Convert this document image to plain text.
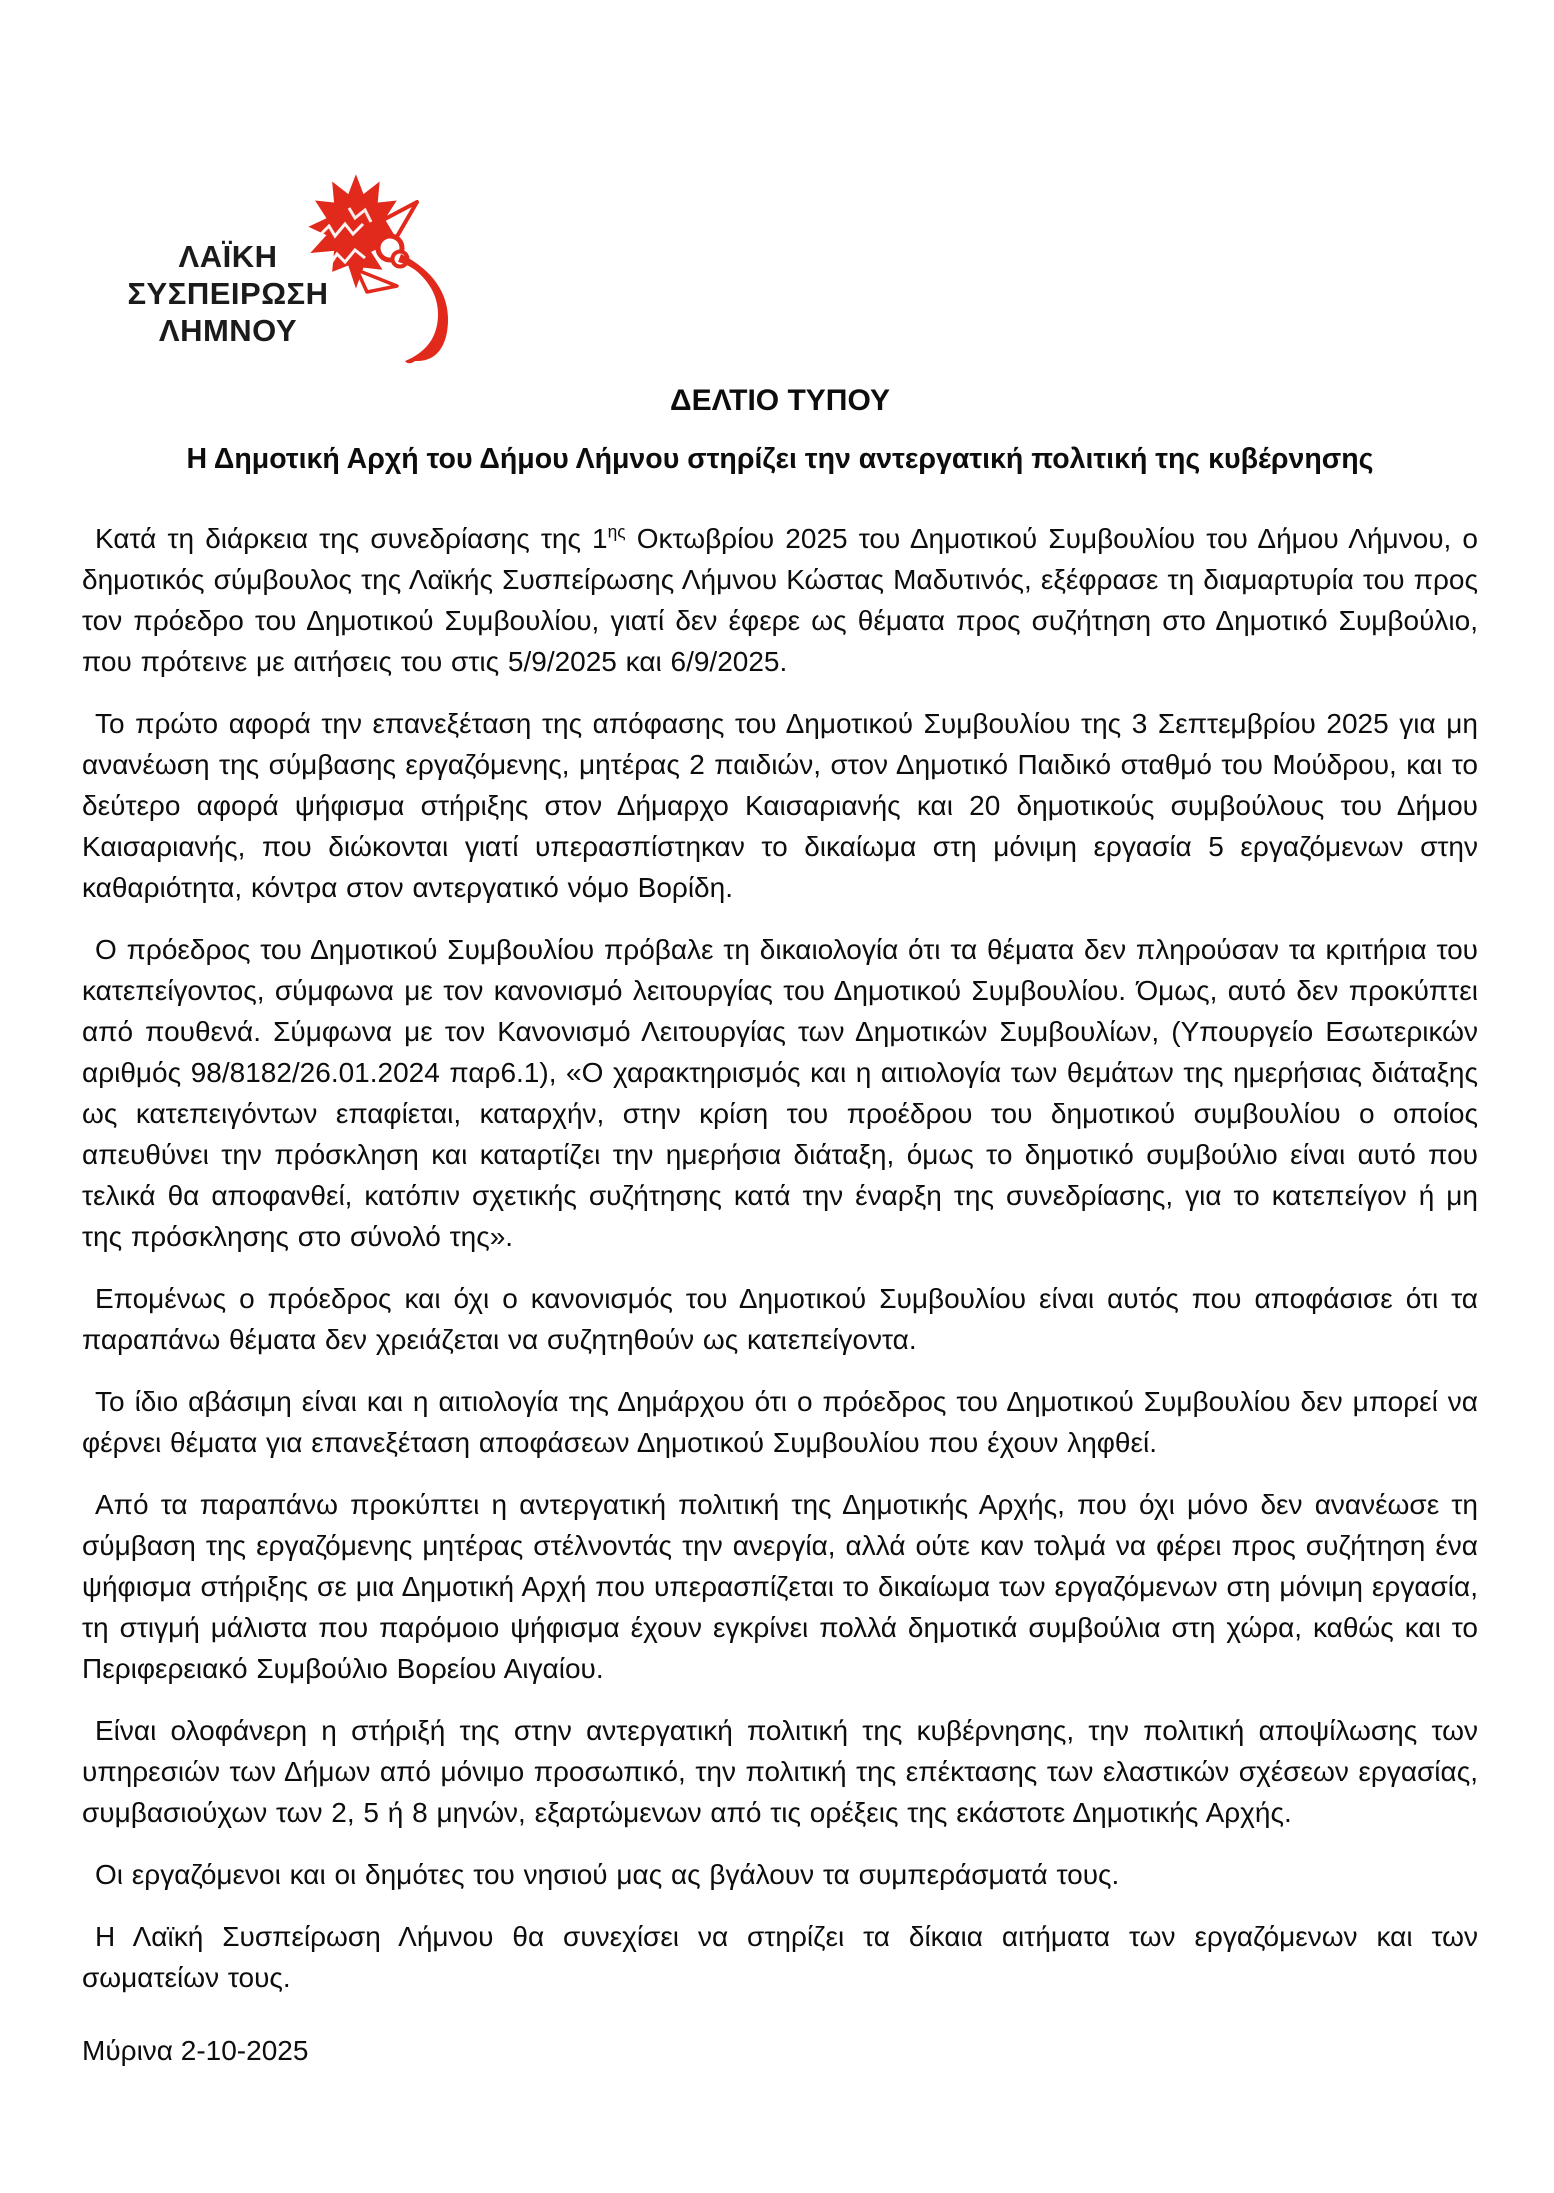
ΛΑΪΚΗ
ΣΥΣΠΕΙΡΩΣΗ
ΛΗΜΝΟΥ
ΔΕΛΤΙΟ ΤΥΠΟΥ
Η Δημοτική Αρχή του Δήμου Λήμνου στηρίζει την αντεργατική πολιτική της κυβέρνησης

Κατά τη διάρκεια της συνεδρίασης της $1^{\eta\varsigma}$ Οκτωβρίου 2025 του Δημοτικού Συμβουλίου του Δήμου Λήμνου, ο δημοτικός σύμβουλος της Λαϊκής Συσπείρωσης Λήμνου Κώστας Μαδυτινός, εξέφρασε τη διαμαρτυρία του προς τον πρόεδρο του Δημοτικού Συμβουλίου, γιατί δεν έφερε ως θέματα προς συζήτηση στο Δημοτικό Συμβούλιο, που πρότεινε με αιτήσεις του στις 5/9/2025 και 6/9/2025.

Το πρώτο αφορά την επανεξέταση της απόφασης του Δημοτικού Συμβουλίου της 3 Σεπτεμβρίου 2025 για μη ανανέωση της σύμβασης εργαζόμενης, μητέρας 2 παιδιών, στον Δημοτικό Παιδικό σταθμό του Μούδρου, και το δεύτερο αφορά ψήφισμα στήριξης στον Δήμαρχο Καισαριανής και 20 δημοτικούς συμβούλους του Δήμου Καισαριανής, που διώκονται γιατί υπερασπίστηκαν το δικαίωμα στη μόνιμη εργασία 5 εργαζόμενων στην καθαριότητα, κόντρα στον αντεργατικό νόμο Βορίδη.

Ο πρόεδρος του Δημοτικού Συμβουλίου πρόβαλε τη δικαιολογία ότι τα θέματα δεν πληρούσαν τα κριτήρια του κατεπείγοντος, σύμφωνα με τον κανονισμό λειτουργίας του Δημοτικού Συμβουλίου. Όμως, αυτό δεν προκύπτει από πουθενά. Σύμφωνα με τον Κανονισμό Λειτουργίας των Δημοτικών Συμβουλίων, (Υπουργείο Εσωτερικών αριθμός 98/8182/26.01.2024 παρ6.1), «Ο χαρακτηρισμός και η αιτιολογία των θεμάτων της ημερήσιας διάταξης ως κατεπειγόντων επαφίεται, καταρχήν, στην κρίση του προέδρου του δημοτικού συμβουλίου ο οποίος απευθύνει την πρόσκληση και καταρτίζει την ημερήσια διάταξη, όμως το δημοτικό συμβούλιο είναι αυτό που τελικά θα αποφανθεί, κατόπιν σχετικής συζήτησης κατά την έναρξη της συνεδρίασης, για το κατεπείγον ή μη της πρόσκλησης στο σύνολό της».

Επομένως ο πρόεδρος και όχι ο κανονισμός του Δημοτικού Συμβουλίου είναι αυτός που αποφάσισε ότι τα παραπάνω θέματα δεν χρειάζεται να συζητηθούν ως κατεπείγοντα.

Το ίδιο αβάσιμη είναι και η αιτιολογία της Δημάρχου ότι ο πρόεδρος του Δημοτικού Συμβουλίου δεν μπορεί να φέρνει θέματα για επανεξέταση αποφάσεων Δημοτικού Συμβουλίου που έχουν ληφθεί.

Από τα παραπάνω προκύπτει η αντεργατική πολιτική της Δημοτικής Αρχής, που όχι μόνο δεν ανανέωσε τη σύμβαση της εργαζόμενης μητέρας στέλνοντάς την ανεργία, αλλά ούτε καν τολμά να φέρει προς συζήτηση ένα ψήφισμα στήριξης σε μια Δημοτική Αρχή που υπερασπίζεται το δικαίωμα των εργαζόμενων στη μόνιμη εργασία, τη στιγμή μάλιστα που παρόμοιο ψήφισμα έχουν εγκρίνει πολλά δημοτικά συμβούλια στη χώρα, καθώς και το Περιφερειακό Συμβούλιο Βορείου Αιγαίου.

Είναι ολοφάνερη η στήριξή της στην αντεργατική πολιτική της κυβέρνησης, την πολιτική αποψίλωσης των υπηρεσιών των Δήμων από μόνιμο προσωπικό, την πολιτική της επέκτασης των ελαστικών σχέσεων εργασίας, συμβασιούχων των 2, 5 ή 8 μηνών, εξαρτώμενων από τις ορέξεις της εκάστοτε Δημοτικής Αρχής.

Οι εργαζόμενοι και οι δημότες του νησιού μας ας βγάλουν τα συμπεράσματά τους.

Η Λαϊκή Συσπείρωση Λήμνου θα συνεχίσει να στηρίζει τα δίκαια αιτήματα των εργαζόμενων και των σωματείων τους.

Μύρινα 2-10-2025
